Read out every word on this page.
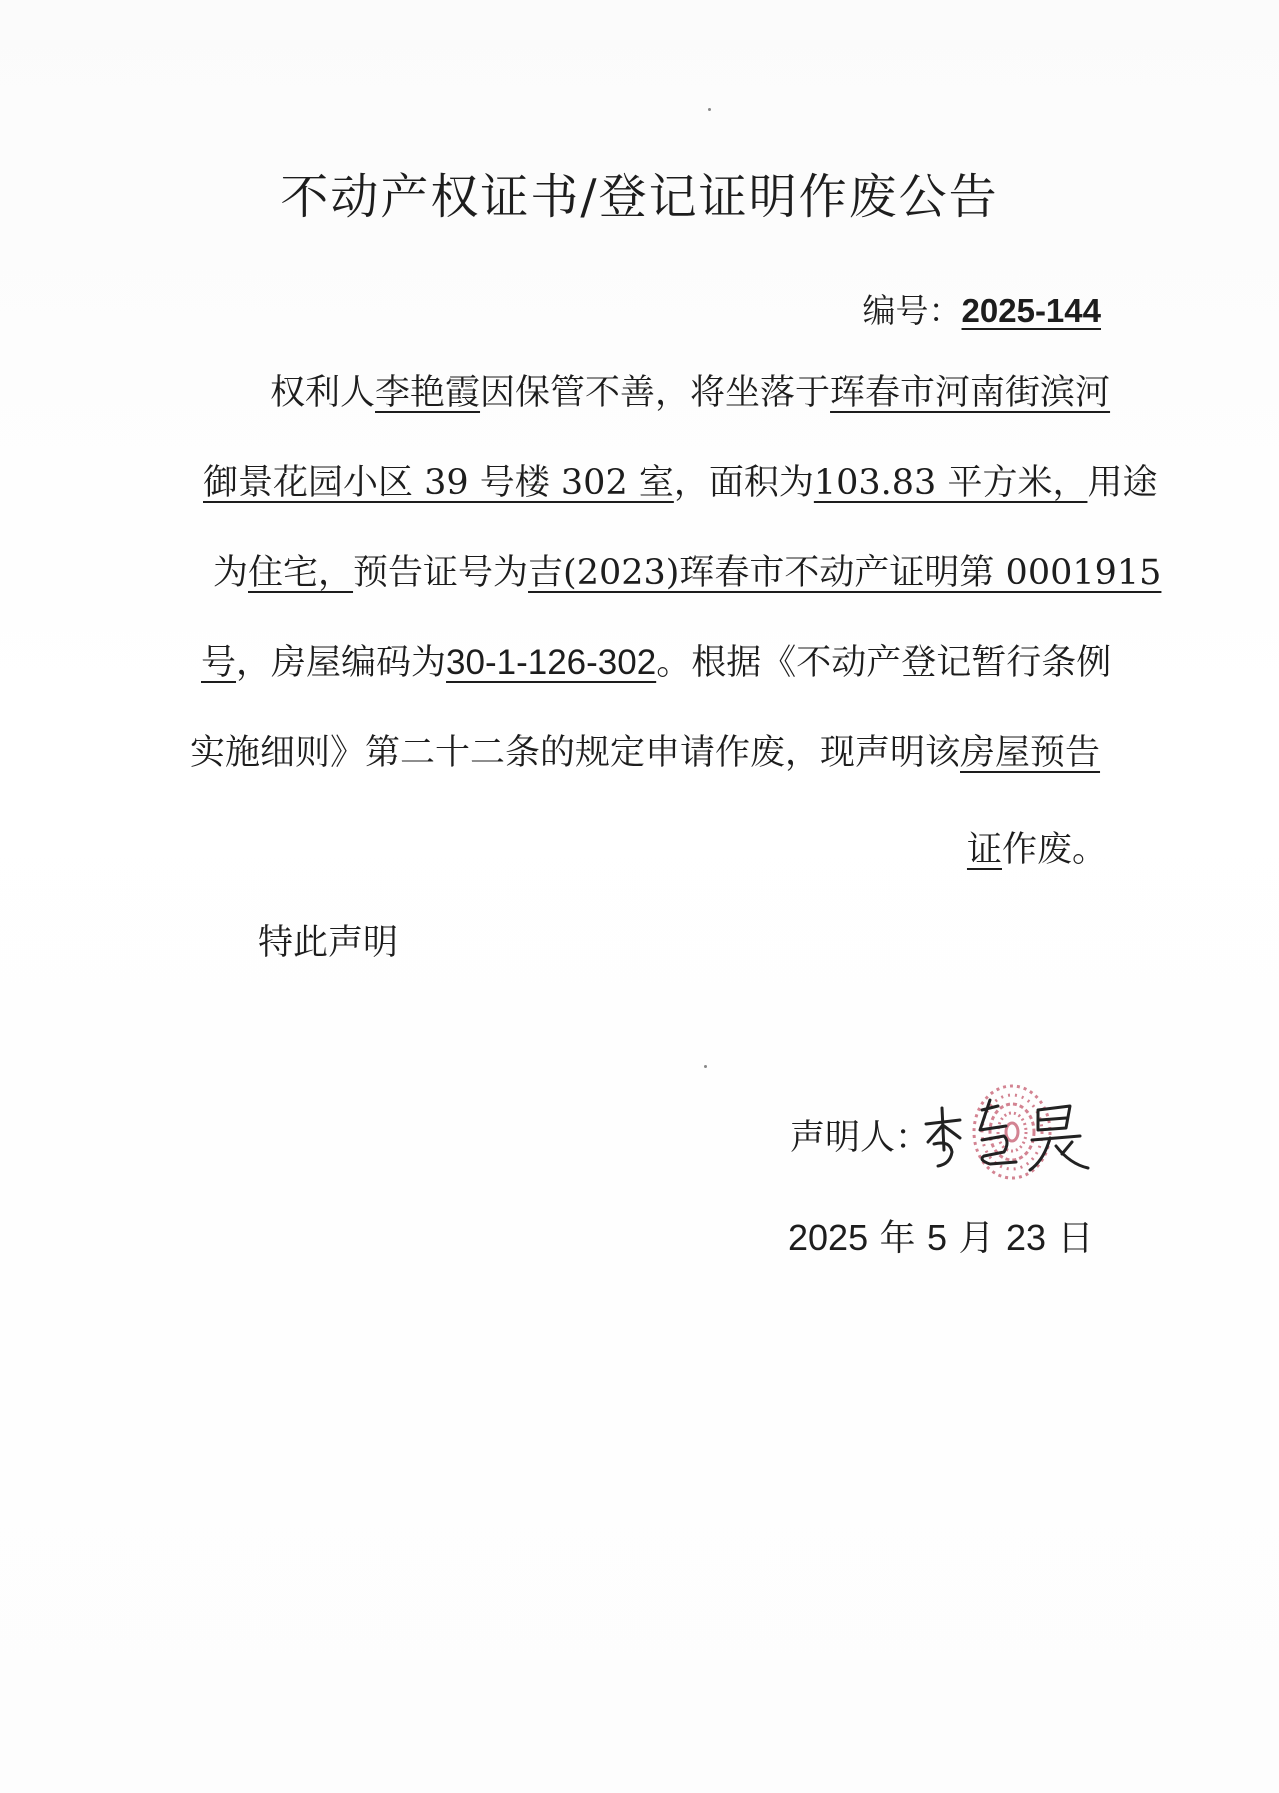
不动产权证书/登记证明作废公告
编号：2025-144
权利人李艳霞因保管不善，将坐落于珲春市河南街滨河
御景花园小区 39 号楼 302 室，面积为103.83 平方米，用途
为住宅，预告证号为吉(2023)珲春市不动产证明第 0001915
号，房屋编码为30-1-126-302。根据《不动产登记暂行条例
实施细则》第二十二条的规定申请作废，现声明该房屋预告
证作废。
特此声明
声明人：
2025 年 5 月 23 日
